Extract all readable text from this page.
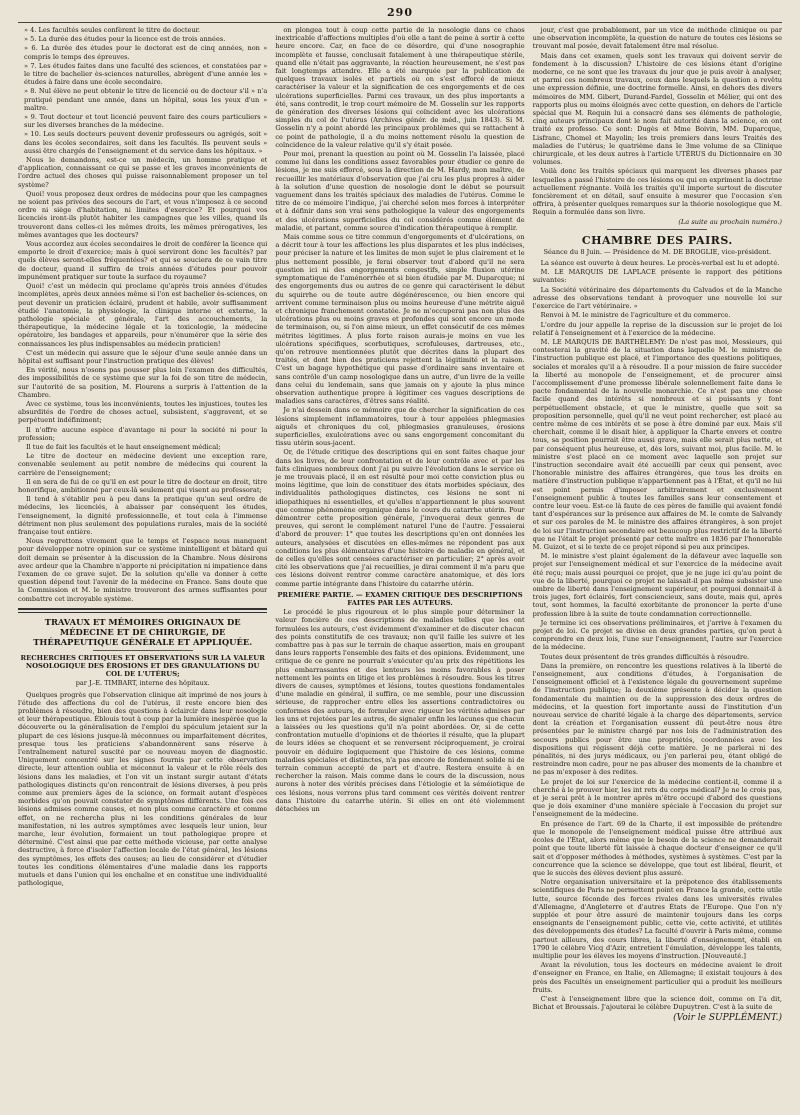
290

» 4. Les facultés seules confèrent le titre de docteur.

» 5. La durée des études pour la licence est de trois années.

» 6. La durée des études pour le doctorat est de cinq années, non » compris le temps des épreuves.

» 7. Les études faites dans une faculté des sciences, et constatées par » le titre de bachelier ès-sciences naturelles, abrègent d'une année les » études à faire dans une école secondaire.

» 8. Nul élève ne peut obtenir le titre de licencié ou de docteur s'il » n'a pratiqué pendant une année, dans un hôpital, sous les yeux d'un » maître.

» 9. Tout docteur et tout licencié peuvent faire des cours particuliers » sur les diverses branches de la médecine.

» 10. Les seuls docteurs peuvent devenir professeurs ou agrégés, soit » dans les écoles secondaires, soit dans les facultés. Ils peuvent seuls » aussi être chargés de l'enseignement et du service dans les hôpitaux. »

Nous le demandons, est-ce un médecin, un homme pratique et d'application, connaissant ce qui se passe et les graves inconvénients de l'ordre actuel des choses qui puisse raisonnablement proposer un tel système?

Quoi! vous proposez deux ordres de médecins pour que les campagnes ne soient pas privées des secours de l'art, et vous n'imposez à ce second ordre ni siège d'habitation, ni limites d'exercice? Et pourquoi vos licenciés iront-ils plutôt habiter les campagnes que les villes, quand ils trouveront dans celles-ci les mêmes droits, les mêmes prérogatives, les mêmes avantages que les docteurs?

Vous accordez aux écoles secondaires le droit de conférer la licence qui emporte le droit d'exercice; mais à quoi serviront donc les facultés? par quels élèves seront-elles fréquentées? et qui se souciera de ce vain titre de docteur, quand il suffira de trois années d'études pour pouvoir impunément pratiquer sur toute la surface du royaume?

Quoi! c'est un médecin qui proclame qu'après trois années d'études incomplètes, après deux années même si l'on est bachelier ès-sciences, on peut devenir un praticien éclairé, prudent et habile, avoir suffisamment étudié l'anatomie, la physiologie, la clinique interne et externe, la pathologie spéciale et générale, l'art des accouchements, la thérapeutique, la médecine légale et la toxicologie, la médecine opératoire, les bandages et appareils, pour n'énumérer que la série des connaissances les plus indispensables au médecin praticien!

C'est un médecin qui assure que le séjour d'une seule année dans un hôpital est suffisant pour l'instruction pratique des élèves!

En vérité, nous n'osons pas pousser plus loin l'examen des difficultés, des impossibilités de ce système que sur la foi de son titre de médecin, sur l'autorité de sa position, M. Flourens a surpris à l'attention de la Chambre.

Avec ce système, tous les inconvénients, toutes les injustices, toutes les absurdités de l'ordre de choses actuel, subsistent, s'aggravent, et se perpétuent indéfiniment;

Il n'offre aucune espèce d'avantage ni pour la société ni pour la profession;

Il tue de fait les facultés et le haut enseignement médical;

Le titre de docteur en médecine devient une exception rare, convenable seulement au petit nombre de médecins qui courent la carrière de l'enseignement;

Il en sera de fui de ce qu'il en est pour le titre de docteur en droit, titre honorifique, ambitionné par ceux-là seulement qui visent au professorat;

Il tend à s'établir peu à peu dans la pratique qu'un seul ordre de médecins, les licenciés, à abaisser par conséquent les études, l'enseignement, la dignité professionnelle, et tout cela à l'immense détriment non plus seulement des populations rurales, mais de la société française tout entière.

Nous regrettons vivement que le temps et l'espace nous manquent pour développer notre opinion sur ce système inintelligent et bâtard qui doit demain se présenter à la discussion de la Chambre. Nous désirons avec ardeur que la Chambre n'apporte ni précipitation ni impatience dans l'examen de ce grave sujet. De la solution qu'elle va donner à cette question dépend tout l'avenir de la médecine en France. Sans doute que la Commission et M. le ministre trouveront des armes suffisantes pour combattre cet incroyable système.

TRAVAUX ET MÉMOIRES ORIGINAUX DE MÉDECINE ET DE CHIRURGIE, DE THÉRAPEUTIQUE GÉNÉRALE ET APPLIQUÉE.
RECHERCHES CRITIQUES ET OBSERVATIONS SUR LA VALEUR NOSOLOGIQUE DES ÉROSIONS ET DES GRANULATIONS DU COL DE L'UTÉRUS;
par J.-E. TIMBART, interne des hôpitaux.

Quelques progrès que l'observation clinique ait imprimé de nos jours à l'étude des affections du col de l'utérus, il reste encore bien des problèmes à résoudre, bien des questions à éclaircir dans leur nosologie et leur thérapeutique. Éblouis tout à coup par la lumière inespérée que la découverte ou la généralisation de l'emploi du spéculum jetaient sur la plupart de ces lésions jusque-là méconnues ou imparfaitement décrites, presque tous les praticiens s'abandonnèrent sans réserve à l'entraînement naturel suscité par ce nouveau moyen de diagnostic. Uniquement concentré sur les signes fournis par cette observation directe, leur attention oublia et méconnut la valeur et le rôle réels des lésions dans les maladies, et l'on vit un instant surgir autant d'états pathologiques distincts qu'on rencontrait de lésions diverses, à peu près comme aux premiers âges de la science, on formait autant d'espèces morbides qu'on pouvait constater de symptômes différents. Une fois ces lésions admises comme causes, et non plus comme caractère et comme effet, on ne rechercha plus ni les conditions générales de leur manifestation, ni les autres symptômes avec lesquels leur union, leur marche, leur évolution, formaient un tout pathologique propre et déterminé. C'est ainsi que par cette méthode vicieuse, par cette analyse destructive, à force d'isoler l'affection locale de l'état général, les lésions des symptômes, les effets des causes; au lieu de considérer et d'étudier toutes les conditions élémentaires d'une maladie dans les rapports mutuels et dans l'union qui les enchaîne et en constitue une individualité pathologique,

on plongea tout à coup cette partie de la nosologie dans ce chaos inextricable d'affections multiples d'où elle a tant de peine à sortir à cette heure encore. Car, en face de ce désordre, qui d'une nosographie incomplète et fausse, conclusait fatalement à une thérapeutique stérile, quand elle n'était pas aggravante, la réaction heureusement, ne s'est pas fait longtemps attendre. Elle a été marquée par la publication de quelques travaux isolés et partiels où on s'est efforcé de mieux caractériser la valeur et la signification de ces engorgements et de ces ulcérations superficielles. Parmi ces travaux, un des plus importants a été, sans contredit, le trop court mémoire de M. Gosselin sur les rapports de génération des diverses lésions qui coïncident avec les ulcérations simples du col de l'utérus (Archives génér. de méd., juin 1843). Si M. Gosselin n'y a point abordé les principaux problèmes qui se rattachent à ce point de pathologie, il a du moins nettement résolu la question de coïncidence de la valeur relative qu'il s'y était posée.

Pour moi, prenant la question au point où M. Gosselin l'a laissée, placé comme lui dans les conditions assez favorables pour étudier ce genre de lésions, je me suis efforcé, sous la direction de M. Hardy, mon maître, de recueillir les matériaux d'observation que j'ai cru les plus propres à aider à la solution d'une question de nosologie dont le début se poursuit vaguement dans les traités spéciaux des maladies de l'utérus. Comme le titre de ce mémoire l'indique, j'ai cherché selon mes forces à interpréter et à définir dans son vrai sens pathologique la valeur des engorgements et des ulcérations superficielles du col considérés comme élément de maladie, et partant, comme source d'indication thérapeutique à remplir.

Mais comme sous ce titre commun d'engorgements et d'ulcérations, on a décrit tour à tour les affections les plus disparates et les plus indécises, pour préciser la nature et les limites de mon sujet le plus clairement et le plus nettement possible, je ferai observer tout d'abord qu'il ne sera question ici ni des engorgements congestifs, simple fluxion utérine symptomatique de l'aménorrhée et si bien étudiée par M. Duparcque; ni des engorgements dus ou autres de ce genre qui caractérisent le début du squirrhe ou de toute autre dégénérescence, ou bien encore qui arrivent comme terminaison plus ou moins heureuse d'une métrite aiguë et chronique franchement constatée. Je ne m'occuperai pas non plus des ulcérations plus ou moins graves et profondes qui sont encore un mode de terminaison, ou, si l'on aime mieux, un effet consécutif de ces mêmes métrites légitimes. À plus forte raison aurais-je moins en vue les ulcérations spécifiques, scorbutiques, scrofuleuses, dartreuses, etc., qu'on retrouve mentionnées plutôt que décrites dans la plupart des traités, et dont bien des praticiens rejettent la légitimité et la raison. C'est un bagage hypothétique qui passe d'ordinaire sans inventaire et sans contrôle d'un camp nosologique dans un autre, d'un livre de la veille dans celui du lendemain, sans que jamais on y ajoute la plus mince observation authentique propre à légitimer ces vagues descriptions de maladies sans caractères, d'êtres sans réalité.

Je n'ai dessein dans ce mémoire que de chercher la signification de ces lésions simplement inflammatoires, tour à tour appelées phlegmasies aiguës et chroniques du col, phlegmasies granuleuses, érosions superficielles, exulcérations avec ou sans engorgement concomitant du tissu utérin sous-jacent.

Or, de l'étude critique des descriptions qui en sont faites chaque jour dans les livres, de leur confrontation et de leur contrôle avec et par les faits cliniques nombreux dont j'ai pu suivre l'évolution dans le service où je me trouvais placé, il en est résulté pour moi cette conviction plus ou moins légitime, que loin de constituer des états morbides spéciaux, des individualités pathologiques distinctes, ces lésions ne sont ni idiopathiques ni essentielles, et qu'elles n'appartiennent le plus souvent que comme phénomène organique dans le cours du catarrhe utérin. Pour démontrer cette proposition générale, j'invoquerai deux genres de preuves, qui seront le complément naturel l'une de l'autre. J'essaierai d'abord de prouver: 1° que toutes les descriptions qu'en ont données les auteurs, analysées et discutées en elles-mêmes ne répondent pas aux conditions les plus élémentaires d'une histoire de maladie en général, et de celles qu'elles sont censées caractériser en particulier; 2° après avoir cité les observations que j'ai recueillies, je dirai comment il m'a paru que ces lésions doivent rentrer comme caractère anatomique, et dès lors comme partie intégrante dans l'histoire du catarrhe utérin.

PREMIÈRE PARTIE. — EXAMEN CRITIQUE DES DESCRIPTIONS FAITES PAR LES AUTEURS.

Le procédé le plus rigoureux et le plus simple pour déterminer la valeur foncière de ces descriptions de maladies telles que les ont formulées les auteurs, c'est évidemment d'examiner et de discuter chacun des points constitutifs de ces travaux; non qu'il faille les suivre et les combattre pas à pas sur le terrain de chaque assertion, mais en groupant dans leurs rapports l'ensemble des faits et des opinions. Évidemment, une critique de ce genre ne pourrait s'exécuter qu'au prix des répétitions les plus embarrassantes et des lenteurs les moins favorables à poser nettement les points en litige et les problèmes à résoudre. Sous les titres divers de causes, symptômes et lésions, toutes questions fondamentales d'une maladie en général, il suffira, ce me semble, pour une discussion sérieuse, de rapprocher entre elles les assertions contradictoires ou conformes des auteurs, de formuler avec rigueur les vérités admises par les uns et rejetées par les autres, de signaler enfin les lacunes que chacun a laissées ou les questions qu'il n'a point abordées. Or, si de cette confrontation mutuelle d'opinions et de théories il résulte, que la plupart de leurs idées se choquent et se renversent réciproquement, je croirai pouvoir en déduire logiquement que l'histoire de ces lésions, comme maladies spéciales et distinctes, n'a pas encore de fondement solide ni de terrain commun accepté de part et d'autre. Restera ensuite à en rechercher la raison. Mais comme dans le cours de la discussion, nous aurons à noter des vérités précises dans l'étiologie et la séméiotique de ces lésions, nous verrons plus tard comment ces vérités doivent rentrer dans l'histoire du catarrhe utérin. Si elles en ont été violemment détachées un

jour, c'est que probablement, par un vice de méthode clinique ou par une observation incomplète, la question de nature de toutes ces lésions se trouvant mal posée, devait fatalement être mal résolue.

Mais dans cet examen, quels sont les travaux qui doivent servir de fondement à la discussion? L'histoire de ces lésions étant d'origine moderne, ce ne sont que les travaux du jour que je puis avoir à analyser, et parmi ces nombreux travaux, ceux dans lesquels la question a revêtu une expression définie, une doctrine formelle. Ainsi, en dehors des divers mémoires de MM. Gibert, Durand-Fardel, Gosselin et Mélier, qui ont des rapports plus ou moins éloignés avec cette question, en dehors de l'article spécial que M. Requin lui a consacré dans ses éléments de pathologie, cinq auteurs principaux dont le nom fait autorité dans la science, en ont traité ex professo. Ce sont: Dugès et Mme Boivin, MM. Duparcque, Lisfranc, Chomel et Mayolin; les trois premiers dans leurs Traités des maladies de l'utérus; le quatrième dans le 3me volume de sa Clinique chirurgicale, et les deux autres à l'article UTÉRUS du Dictionnaire en 30 volumes.

Voilà donc les traités spéciaux qui marquent les diverses phases par lesquelles a passé l'histoire de ces lésions ou qui en expriment la doctrine actuellement régnante. Voilà les traités qu'il importe surtout de discuter foncièrement et en détail, sauf ensuite à mesurer que l'occasion s'en offrira, à présenter quelques remarques sur la théorie nosologique que M. Requin a formulée dans son livre.

(La suite au prochain numéro.)
CHAMBRE DES PAIRS.
Séance du 8 Juin. — Présidence de M. DE BROGLIE, vice-président.

La séance est ouverte à deux heures. Le procès-verbal est lu et adopté.

M. LE MARQUIS DE LAPLACE présente le rapport des pétitions suivantes:

La Société vétérinaire des départements du Calvados et de la Manche adresse des observations tendant à provoquer une nouvelle loi sur l'exercice de l'art vétérinaire. »

Renvoi à M. le ministre de l'agriculture et du commerce.

L'ordre du jour appelle la reprise de la discussion sur le projet de loi relatif à l'enseignement et à l'exercice de la médecine.

M. LE MARQUIS DE BARTHÉLEMY: De n'est pas moi, Messieurs, qui contesterai la gravité de la situation dans laquelle M. le ministre de l'instruction publique est placé, et l'importance des questions politiques, sociales et morales qu'il a à résoudre. Il a pour mission de faire succéder la liberté au monopole de l'enseignement, et de procurer ainsi l'accomplissement d'une promesse libérale solennellement faite dans le pacte fondamental de la nouvelle monarchie. Ce n'est pas une chose facile quand des intérêts si nombreux et si puissants y font perpétuellement obstacle, et que le ministre, quelle que soit sa proposition personnelle, quel qu'il ne veut point rechercher, est placé au centre même de ces intérêts et se pose à être dominé par eux. Mais s'il cherchait, comme il le disait hier, à appliquer la Charte envers et contre tous, sa position pourrait être aussi grave, mais elle serait plus nette, et par conséquent plus heureuse, et, dès lors, suivant moi, plus facile. M. le ministre s'est placé en ce moment avec laquelle son projet sur l'instruction secondaire avait été accueilli par ceux qui pensent, avec l'honorable ministre des affaires étrangères, que tous les droits en matière d'instruction publique n'appartiennent pas à l'État, et qu'il ne lui est point permis d'imposer arbitrairement et exclusivement l'enseignement public à toutes les familles sans leur consentement et contre leur voeu. Est-ce là faute de ces pères de famille qui avaient fondé tant d'espérances sur la présence aux affaires de M. le comte de Salvandy et sur ces paroles de M. le ministre des affaires étrangères, à son projet de loi sur l'instruction secondaire est beaucoup plus restrictif de la liberté que ne l'était le projet présenté par cette maître en 1836 par l'honorable M. Guizot, et si le texte de ce projet répond si peu aux principes.

M. le ministre s'est plaint également de la défaveur avec laquelle son projet sur l'enseignement médical et sur l'exercice de la médecine avait été reçu; mais aussi pourquoi ce projet, que je ne juge ici qu'au point de vue de la liberté, pourquoi ce projet ne laissait-il pas même subsister une ombre de liberté dans l'enseignement supérieur, et pourquoi donnait-il à trois juges, fort éclairés, fort consciencieux, sans doute, mais qui, après tout, sont hommes, la faculté exorbitante de prononcer la perte d'une profession libre à la suite de toute condamnation correctionnelle.

Je termine ici ces observations préliminaires, et j'arrive à l'examen du projet de loi. Ce projet se divise en deux grandes parties, qu'on peut à comprendre en deux lois, l'une sur l'enseignement, l'autre sur l'exercice de la médecine.

Toutes deux présentent de très grandes difficultés à résoudre.

Dans la première, on rencontre les questions relatives à la liberté de l'enseignement, aux conditions d'études, à l'organisation de l'enseignement officiel et à l'existence légale du gouvernement suprême de l'instruction publique; la deuxième présente à décider la question fondamentale du maintien ou de la suppression des deux ordres de médecins, et la question fort importante aussi de l'institution d'un nouveau service de charité légale à la charge des départements, service dont la création et l'organisation eussent dû peut-être nous être présentées par le ministre chargé par nos lois de l'administration des secours publics pour être une propriétés, coordonnées avec les dispositions qui régissent déjà cette matière. Je ne parlerai ni des pénalités, ni des jurys médicaux, ou j'en parlerai peu, étant obligé de restreindre mon cadre, pour ne pas abuser des moments de la chambre et ne pas m'exposer à des redites.

Le projet de loi sur l'exercice de la médecine contient-il, comme il a cherché à le prouver hier, les int rets du corps médical? Je ne le crois pas, et je serai prêt à le montrer après m'être occupé d'abord des questions que je dois examiner d'une manière spéciale à l'occasion du projet sur l'enseignement de la médecine.

En présence de l'art. 69 de la Charte, il est impossible de prétendre que le monopole de l'enseignement médical puisse être attribué aux écoles de l'État, alors même que le besoin de la science ne demanderait point que toute liberté fût laissée à chaque docteur d'enseigner ce qu'il sait et d'opposer méthodes à méthodes, systèmes à systèmes. C'est par la concurrence que la science se développe, que tout est libéral, fleurit, et que le succès des élèves devient plus assuré.

Notre organisation universitaire et la prépotence des établissements scientifiques de Paris ne permettent point en France la grande, cette utile lutte, source féconde des forces rivales dans les universités rivales d'Allemagne, d'Angleterre et d'autres États de l'Europe. Que l'on n'y supplée et pour être assuré de maintenir toujours dans les corps enseignants de l'enseignement public, cette vie, cette activité, et utilités des développements des études? La faculté d'ouvrir à Paris même, comme partout ailleurs, des cours libres, la liberté d'enseignement, établi en 1790 le célèbre Vicq d'Azir, entretient l'émulation, développe les talents, multiplie pour les élèves les moyens d'instruction. [Nouveauté.]

Avant la révolution, tous les docteurs en médecine avaient le droit d'enseigner en France, en Italie, en Allemagne; il existait toujours à des près des Facultés un enseignement particulier qui a produit les meilleurs fruits.

C'est à l'enseignement libre que la science doit, comme on l'a dit, Bichat et Broussais. J'ajouterai le célèbre Dupuytren. C'est à la suite de

(Voir le SUPPLÉMENT.)
